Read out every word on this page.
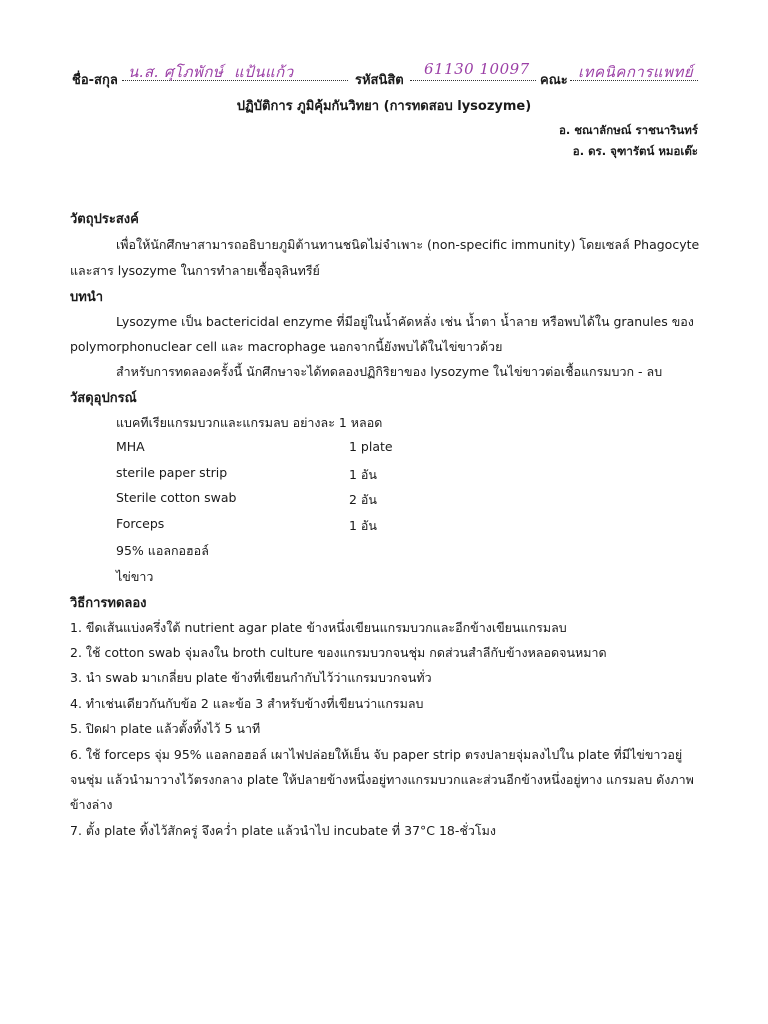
ชื่อ-สกุล น.ส. ศุโภพักษ์ แป้นแก้ว	รหัสนิสิต
61130 10097
คณะ เทคนิคการแพทย์
ปฏิบัติการ ภูมิคุ้มกันวิทยา (การทดสอบ lysozyme)
อ. ชณาลักษณ์ ราชนารินทร์
อ. ดร. จุฑารัตน์ หมอเต๊ะ
วัตถุประสงค์
เพื่อให้นักศึกษาสามารถอธิบายภูมิต้านทานชนิดไม่จำเพาะ (non-specific immunity) โดยเซลล์ Phagocyte
และสาร lysozyme ในการทำลายเชื้อจุลินทรีย์
บทนำ
Lysozyme เป็น bactericidal enzyme ที่มีอยู่ในน้ำคัดหลั่ง เช่น น้ำตา น้ำลาย หรือพบได้ใน granules ของ
polymorphonuclear cell และ macrophage นอกจากนี้ยังพบได้ในไข่ขาวด้วย
สำหรับการทดลองครั้งนี้ นักศึกษาจะได้ทดลองปฏิกิริยาของ lysozyme ในไข่ขาวต่อเชื้อแกรมบวก - ลบ
วัสดุอุปกรณ์
แบคทีเรียแกรมบวกและแกรมลบ อย่างละ 1 หลอด
MHA	1 plate
sterile paper strip	1 อัน
Sterile cotton swab	2 อัน
Forceps	1 อัน
95% แอลกอฮอล์
ไข่ขาว
วิธีการทดลอง
1. ขีดเส้นแบ่งครึ่งใต้ nutrient agar plate ข้างหนึ่งเขียนแกรมบวกและอีกข้างเขียนแกรมลบ
2. ใช้ cotton swab จุ่มลงใน broth culture ของแกรมบวกจนชุ่ม กดส่วนสำลีกับข้างหลอดจนหมาด
3. นำ swab มาเกลี่ยบ plate ข้างที่เขียนกำกับไว้ว่าแกรมบวกจนทั่ว
4. ทำเช่นเดียวกันกับข้อ 2 และข้อ 3 สำหรับข้างที่เขียนว่าแกรมลบ
5. ปิดฝา plate แล้วตั้งทิ้งไว้ 5 นาที
6. ใช้ forceps จุ่ม 95% แอลกอฮอล์ เผาไฟปล่อยให้เย็น จับ paper strip ตรงปลายจุ่มลงไปใน plate ที่มีไข่ขาวอยู่
จนชุ่ม แล้วนำมาวางไว้ตรงกลาง plate ให้ปลายข้างหนึ่งอยู่ทางแกรมบวกและส่วนอีกข้างหนึ่งอยู่ทาง แกรมลบ ดังภาพ
ข้างล่าง
7. ตั้ง plate ทิ้งไว้สักครู่ จึงคว่ำ plate แล้วนำไป incubate ที่ 37°C 18-ชั่วโมง
